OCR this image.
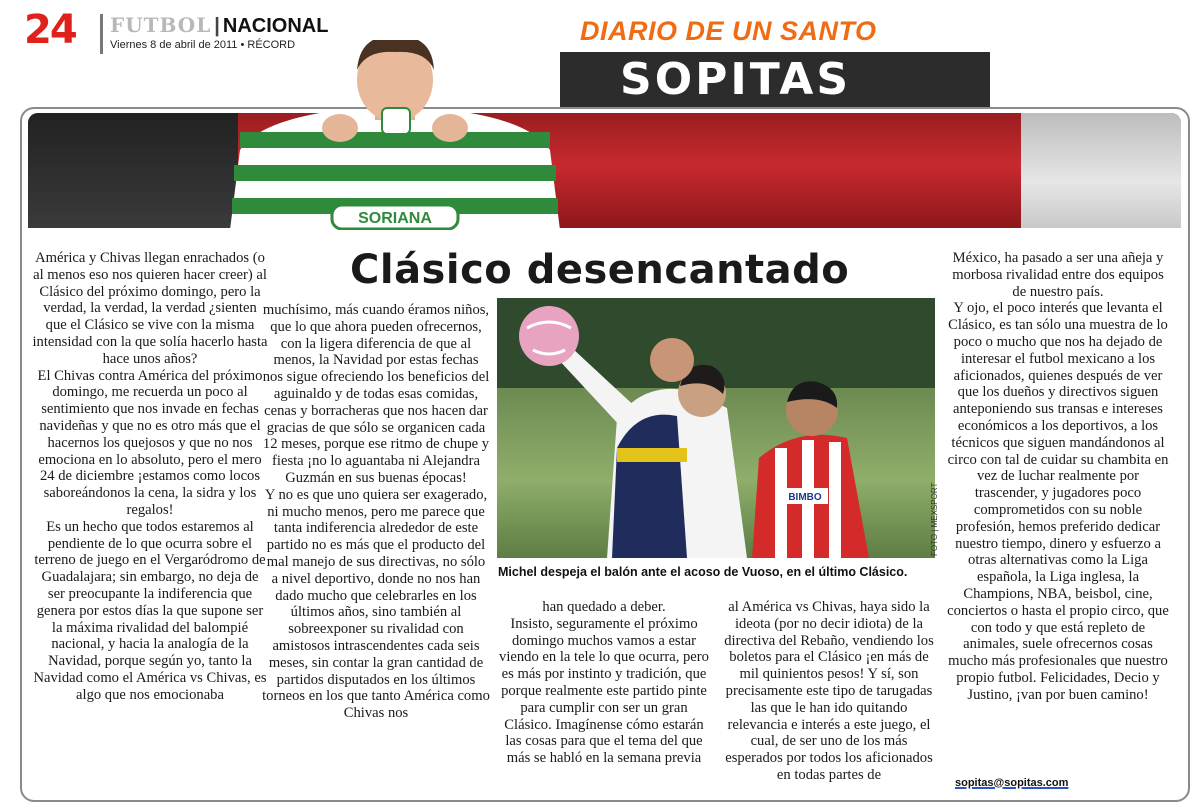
24 FUTBOL | NACIONAL
Viernes 8 de abril de 2011 • RÉCORD	DIARIO DE UN SANTO
SOPITAS
SORIANA
Clásico desencantado

América y Chivas llegan enrachados (o al menos eso nos quieren hacer creer) al Clásico del próximo domingo, pero la verdad, la verdad, la verdad ¿sienten que el Clásico se vive con la misma intensidad con la que solía hacerlo hasta hace unos años?

El Chivas contra América del próximo domingo, me recuerda un poco al sentimiento que nos invade en fechas navideñas y que no es otro más que el hacernos los quejosos y que no nos emociona en lo absoluto, pero el mero 24 de diciembre ¡estamos como locos saboreándonos la cena, la sidra y los regalos!

Es un hecho que todos estaremos al pendiente de lo que ocurra sobre el terreno de juego en el Vergaródromo de Guadalajara; sin embargo, no deja de ser preocupante la indiferencia que genera por estos días la que supone ser la máxima rivalidad del balompié nacional, y hacia la analogía de la Navidad, porque según yo, tanto la Navidad como el América vs Chivas, es algo que nos emocionaba

muchísimo, más cuando éramos niños, que lo que ahora pueden ofrecernos, con la ligera diferencia de que al menos, la Navidad por estas fechas nos sigue ofreciendo los beneficios del aguinaldo y de todas esas comidas, cenas y borracheras que nos hacen dar gracias de que sólo se organicen cada 12 meses, porque ese ritmo de chupe y fiesta ¡no lo aguantaba ni Alejandra Guzmán en sus buenas épocas!

Y no es que uno quiera ser exagerado, ni mucho menos, pero me parece que tanta indiferencia alrededor de este partido no es más que el producto del mal manejo de sus directivas, no sólo a nivel deportivo, donde no nos han dado mucho que celebrarles en los últimos años, sino también al sobreexponer su rivalidad con amistosos intrascendentes cada seis meses, sin contar la gran cantidad de partidos disputados en los últimos torneos en los que tanto América como Chivas nos

han quedado a deber.

Insisto, seguramente el próximo domingo muchos vamos a estar viendo en la tele lo que ocurra, pero es más por instinto y tradición, que porque realmente este partido pinte para cumplir con ser un gran Clásico. Imagínense cómo estarán las cosas para que el tema del que más se habló en la semana previa

al América vs Chivas, haya sido la ideota (por no decir idiota) de la directiva del Rebaño, vendiendo los boletos para el Clásico ¡en más de mil quinientos pesos! Y sí, son precisamente este tipo de tarugadas las que le han ido quitando relevancia e interés a este juego, el cual, de ser uno de los más esperados por todos los aficionados en todas partes de

México, ha pasado a ser una añeja y morbosa rivalidad entre dos equipos de nuestro país.

Y ojo, el poco interés que levanta el Clásico, es tan sólo una muestra de lo poco o mucho que nos ha dejado de interesar el futbol mexicano a los aficionados, quienes después de ver que los dueños y directivos siguen anteponiendo sus transas e intereses económicos a los deportivos, a los técnicos que siguen mandándonos al circo con tal de cuidar su chambita en vez de luchar realmente por trascender, y jugadores poco comprometidos con su noble profesión, hemos preferido dedicar nuestro tiempo, dinero y esfuerzo a otras alternativas como la Liga española, la Liga inglesa, la Champions, NBA, beisbol, cine, conciertos o hasta el propio circo, que con todo y que está repleto de animales, suele ofrecernos cosas mucho más profesionales que nuestro propio futbol. Felicidades, Decio y Justino, ¡van por buen camino!

BIMBO	FOTO | MEXSPORT
Michel despeja el balón ante el acoso de Vuoso, en el último Clásico.
sopitas@sopitas.com
